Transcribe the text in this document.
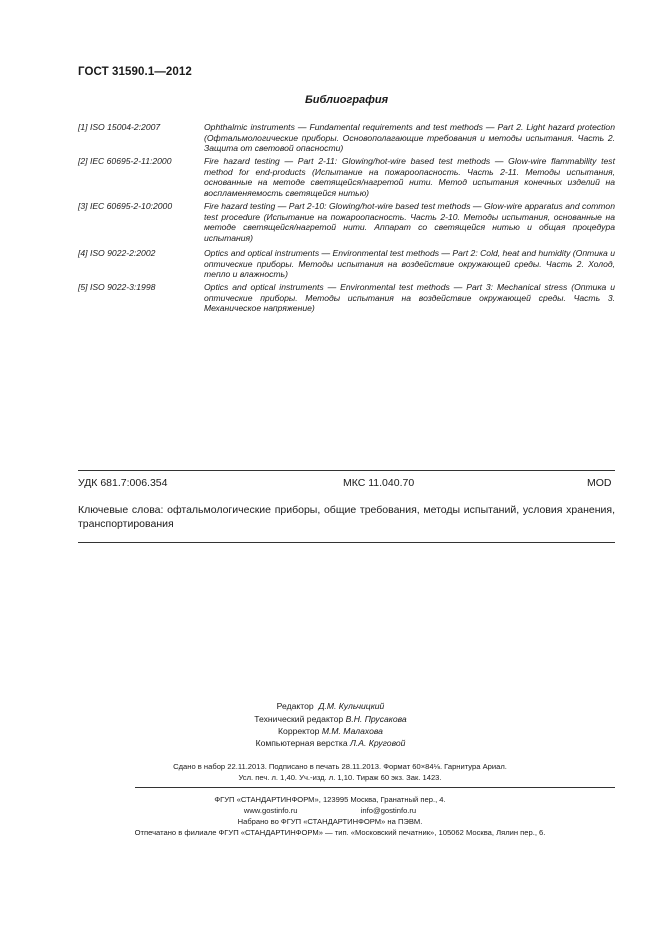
ГОСТ 31590.1—2012
Библиография
[1] ISO 15004-2:2007	Ophthalmic instruments — Fundamental requirements and test methods — Part 2. Light hazard protection (Офтальмологические приборы. Основополагающие требования и методы испытания. Часть 2. Защита от световой опасности)
[2] IEC 60695-2-11:2000	Fire hazard testing — Part 2-11: Glowing/hot-wire based test methods — Glow-wire flammability test method for end-products (Испытание на пожароопасность. Часть 2-11. Методы испытания, основанные на методе светящейся/нагретой нити. Метод испытания конечных изделий на воспламеняемость светящейся нитью)
[3] IEC 60695-2-10:2000	Fire hazard testing — Part 2-10: Glowing/hot-wire based test methods — Glow-wire apparatus and common test procedure (Испытание на пожароопасность. Часть 2-10. Методы испытания, основанные на методе светящейся/нагретой нити. Аппарат со светящейся нитью и общая процедура испытания)
[4] ISO 9022-2:2002	Optics and optical instruments — Environmental test methods — Part 2: Cold, heat and humidity (Оптика и оптические приборы. Методы испытания на воздействие окружающей среды. Часть 2. Холод, тепло и влажность)
[5] ISO 9022-3:1998	Optics and optical instruments — Environmental test methods — Part 3: Mechanical stress (Оптика и оптические приборы. Методы испытания на воздействие окружающей среды. Часть 3. Механическое напряжение)
УДК 681.7:006.354	МКС 11.040.70	MOD
Ключевые слова: офтальмологические приборы, общие требования, методы испытаний, условия хранения, транспортирования
Редактор Д.М. Кульчицкий
Технический редактор В.Н. Прусакова
Корректор М.М. Малахова
Компьютерная верстка Л.А. Круговой
Сдано в набор 22.11.2013. Подписано в печать 28.11.2013. Формат 60×84⅛. Гарнитура Ариал.
Усл. печ. л. 1,40. Уч.-изд. л. 1,10. Тираж 60 экз. Зак. 1423.
ФГУП «СТАНДАРТИНФОРМ», 123995 Москва, Гранатный пер., 4.
www.gostinfo.ru                              info@gostinfo.ru
Набрано во ФГУП «СТАНДАРТИНФОРМ» на ПЭВМ.
Отпечатано в филиале ФГУП «СТАНДАРТИНФОРМ» — тип. «Московский печатник», 105062 Москва, Лялин пер., 6.
